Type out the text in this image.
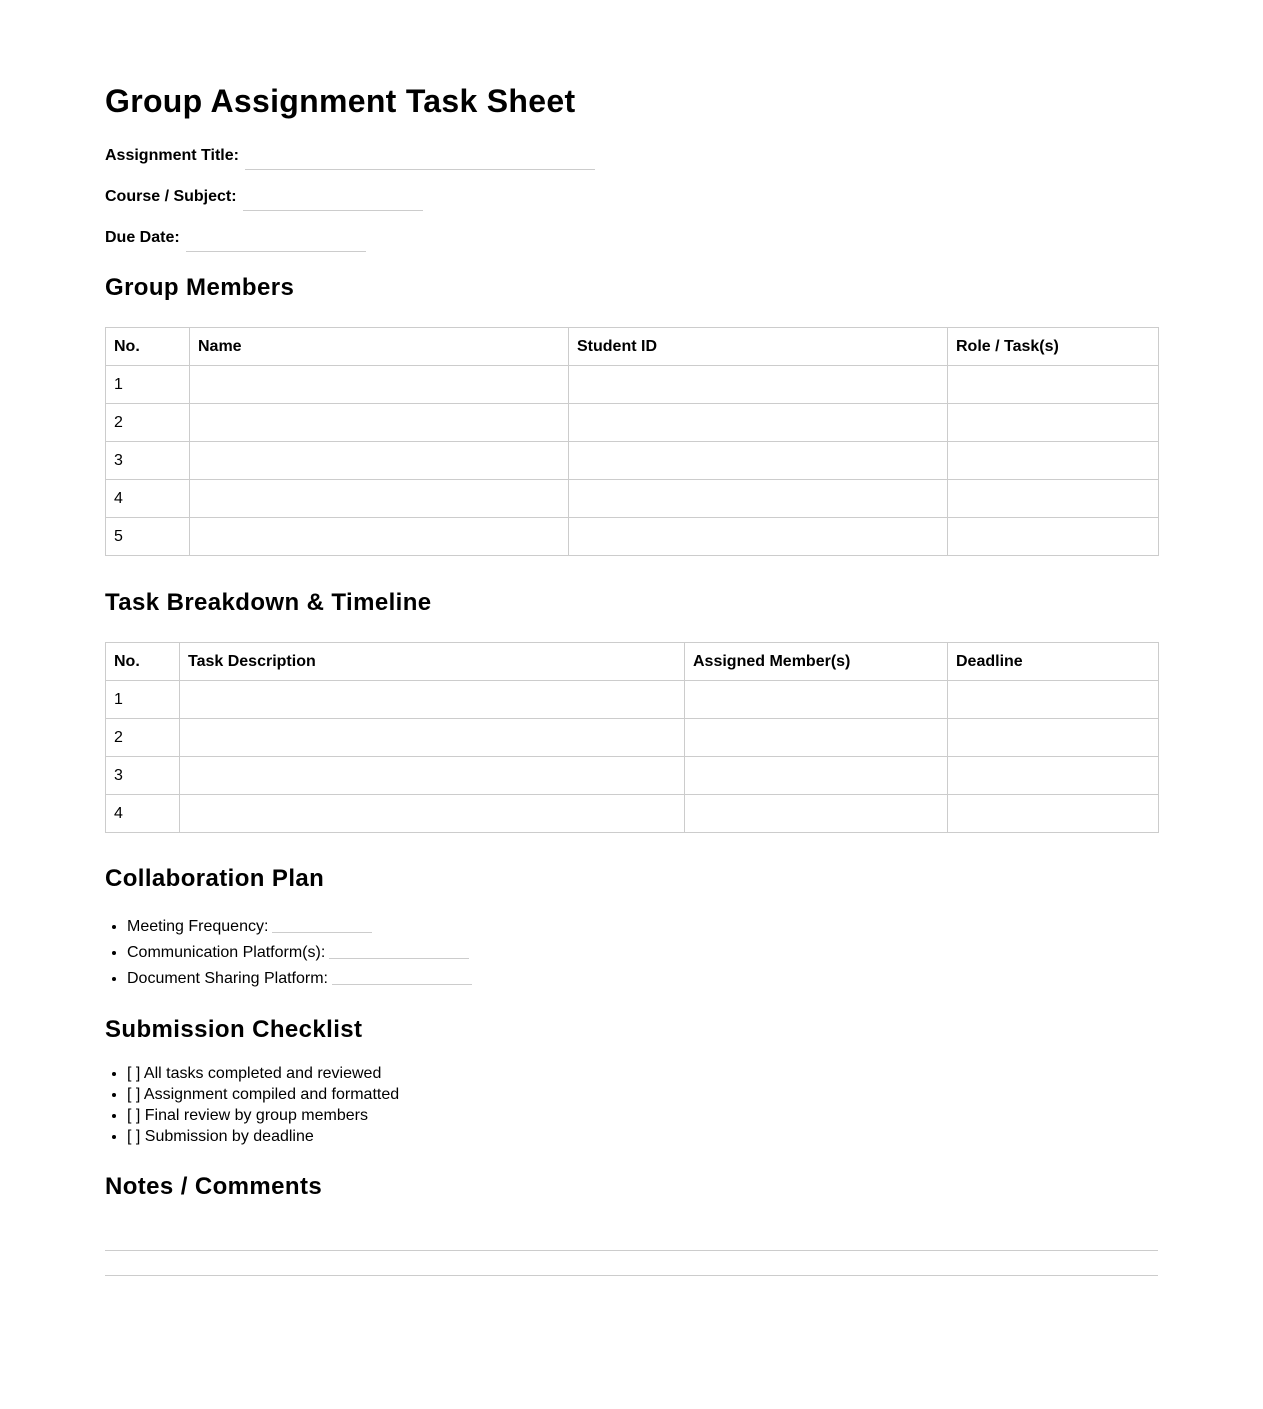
Group Assignment Task Sheet
Assignment Title:
Course / Subject:
Due Date:
Group Members
No.	Name	Student ID	Role / Task(s)
1			
2			
3			
4			
5			
Task Breakdown & Timeline
No.	Task Description	Assigned Member(s)	Deadline
1			
2			
3			
4			
Collaboration Plan
• Meeting Frequency:
• Communication Platform(s):
• Document Sharing Platform:
Submission Checklist
• [ ] All tasks completed and reviewed
• [ ] Assignment compiled and formatted
• [ ] Final review by group members
• [ ] Submission by deadline
Notes / Comments
